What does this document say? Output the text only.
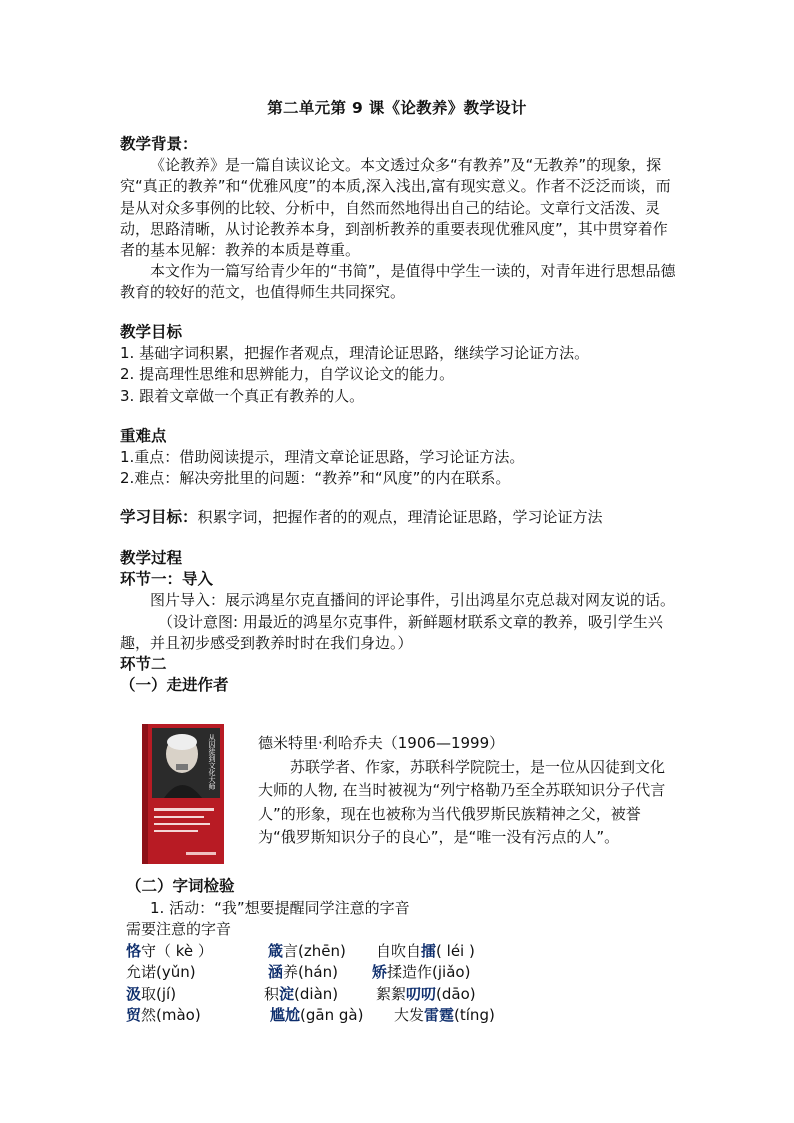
第二单元第 9 课《论教养》教学设计

教学背景：

《论教养》是一篇自读议论文。本文透过众多“有教养”及“无教养”的现象，探究“真正的教养”和“优雅风度”的本质,深入浅出,富有现实意义。作者不泛泛而谈，而是从对众多事例的比较、分析中，自然而然地得出自己的结论。文章行文活泼、灵动，思路清晰，从讨论教养本身，到剖析教养的重要表现优雅风度”，其中贯穿着作者的基本见解：教养的本质是尊重。

本文作为一篇写给青少年的“书简”，是值得中学生一读的，对青年进行思想品德教育的较好的范文，也值得师生共同探究。

教学目标

1. 基础字词积累，把握作者观点，理清论证思路，继续学习论证方法。

2. 提高理性思维和思辨能力，自学议论文的能力。

3. 跟着文章做一个真正有教养的人。

重难点

1.重点：借助阅读提示，理清文章论证思路，学习论证方法。

2.难点：解决旁批里的问题：“教养”和“风度”的内在联系。

学习目标：积累字词，把握作者的的观点，理清论证思路，学习论证方法

教学过程

环节一：导入

图片导入：展示鸿星尔克直播间的评论事件，引出鸿星尔克总裁对网友说的话。

（设计意图: 用最近的鸿星尔克事件，新鲜题材联系文章的教养，吸引学生兴趣，并且初步感受到教养时时在我们身边。）

环节二

（一）走进作者

从囚徒到文化大师	德米特里·利哈乔夫（1906—1999）

苏联学者、作家，苏联科学院院士，是一位从囚徒到文化大师的人物, 在当时被视为“列宁格勒乃至全苏联知识分子代言人”的形象，现在也被称为当代俄罗斯民族精神之父，被誉为“俄罗斯知识分子的良心”，是“唯一没有污点的人”。

（二）字词检验

1. 活动：“我”想要提醒同学注意的字音

需要注意的字音

恪守（ kè ）	箴言(zhēn) 自吹自擂( léi )
允诺(yǔn)	涵养(hán) 矫揉造作(jiǎo)
汲取(jí)	积淀(diàn)	絮絮叨叨(dāo)
贸然(mào)	尴尬(gān gà) 大发雷霆(tíng)
